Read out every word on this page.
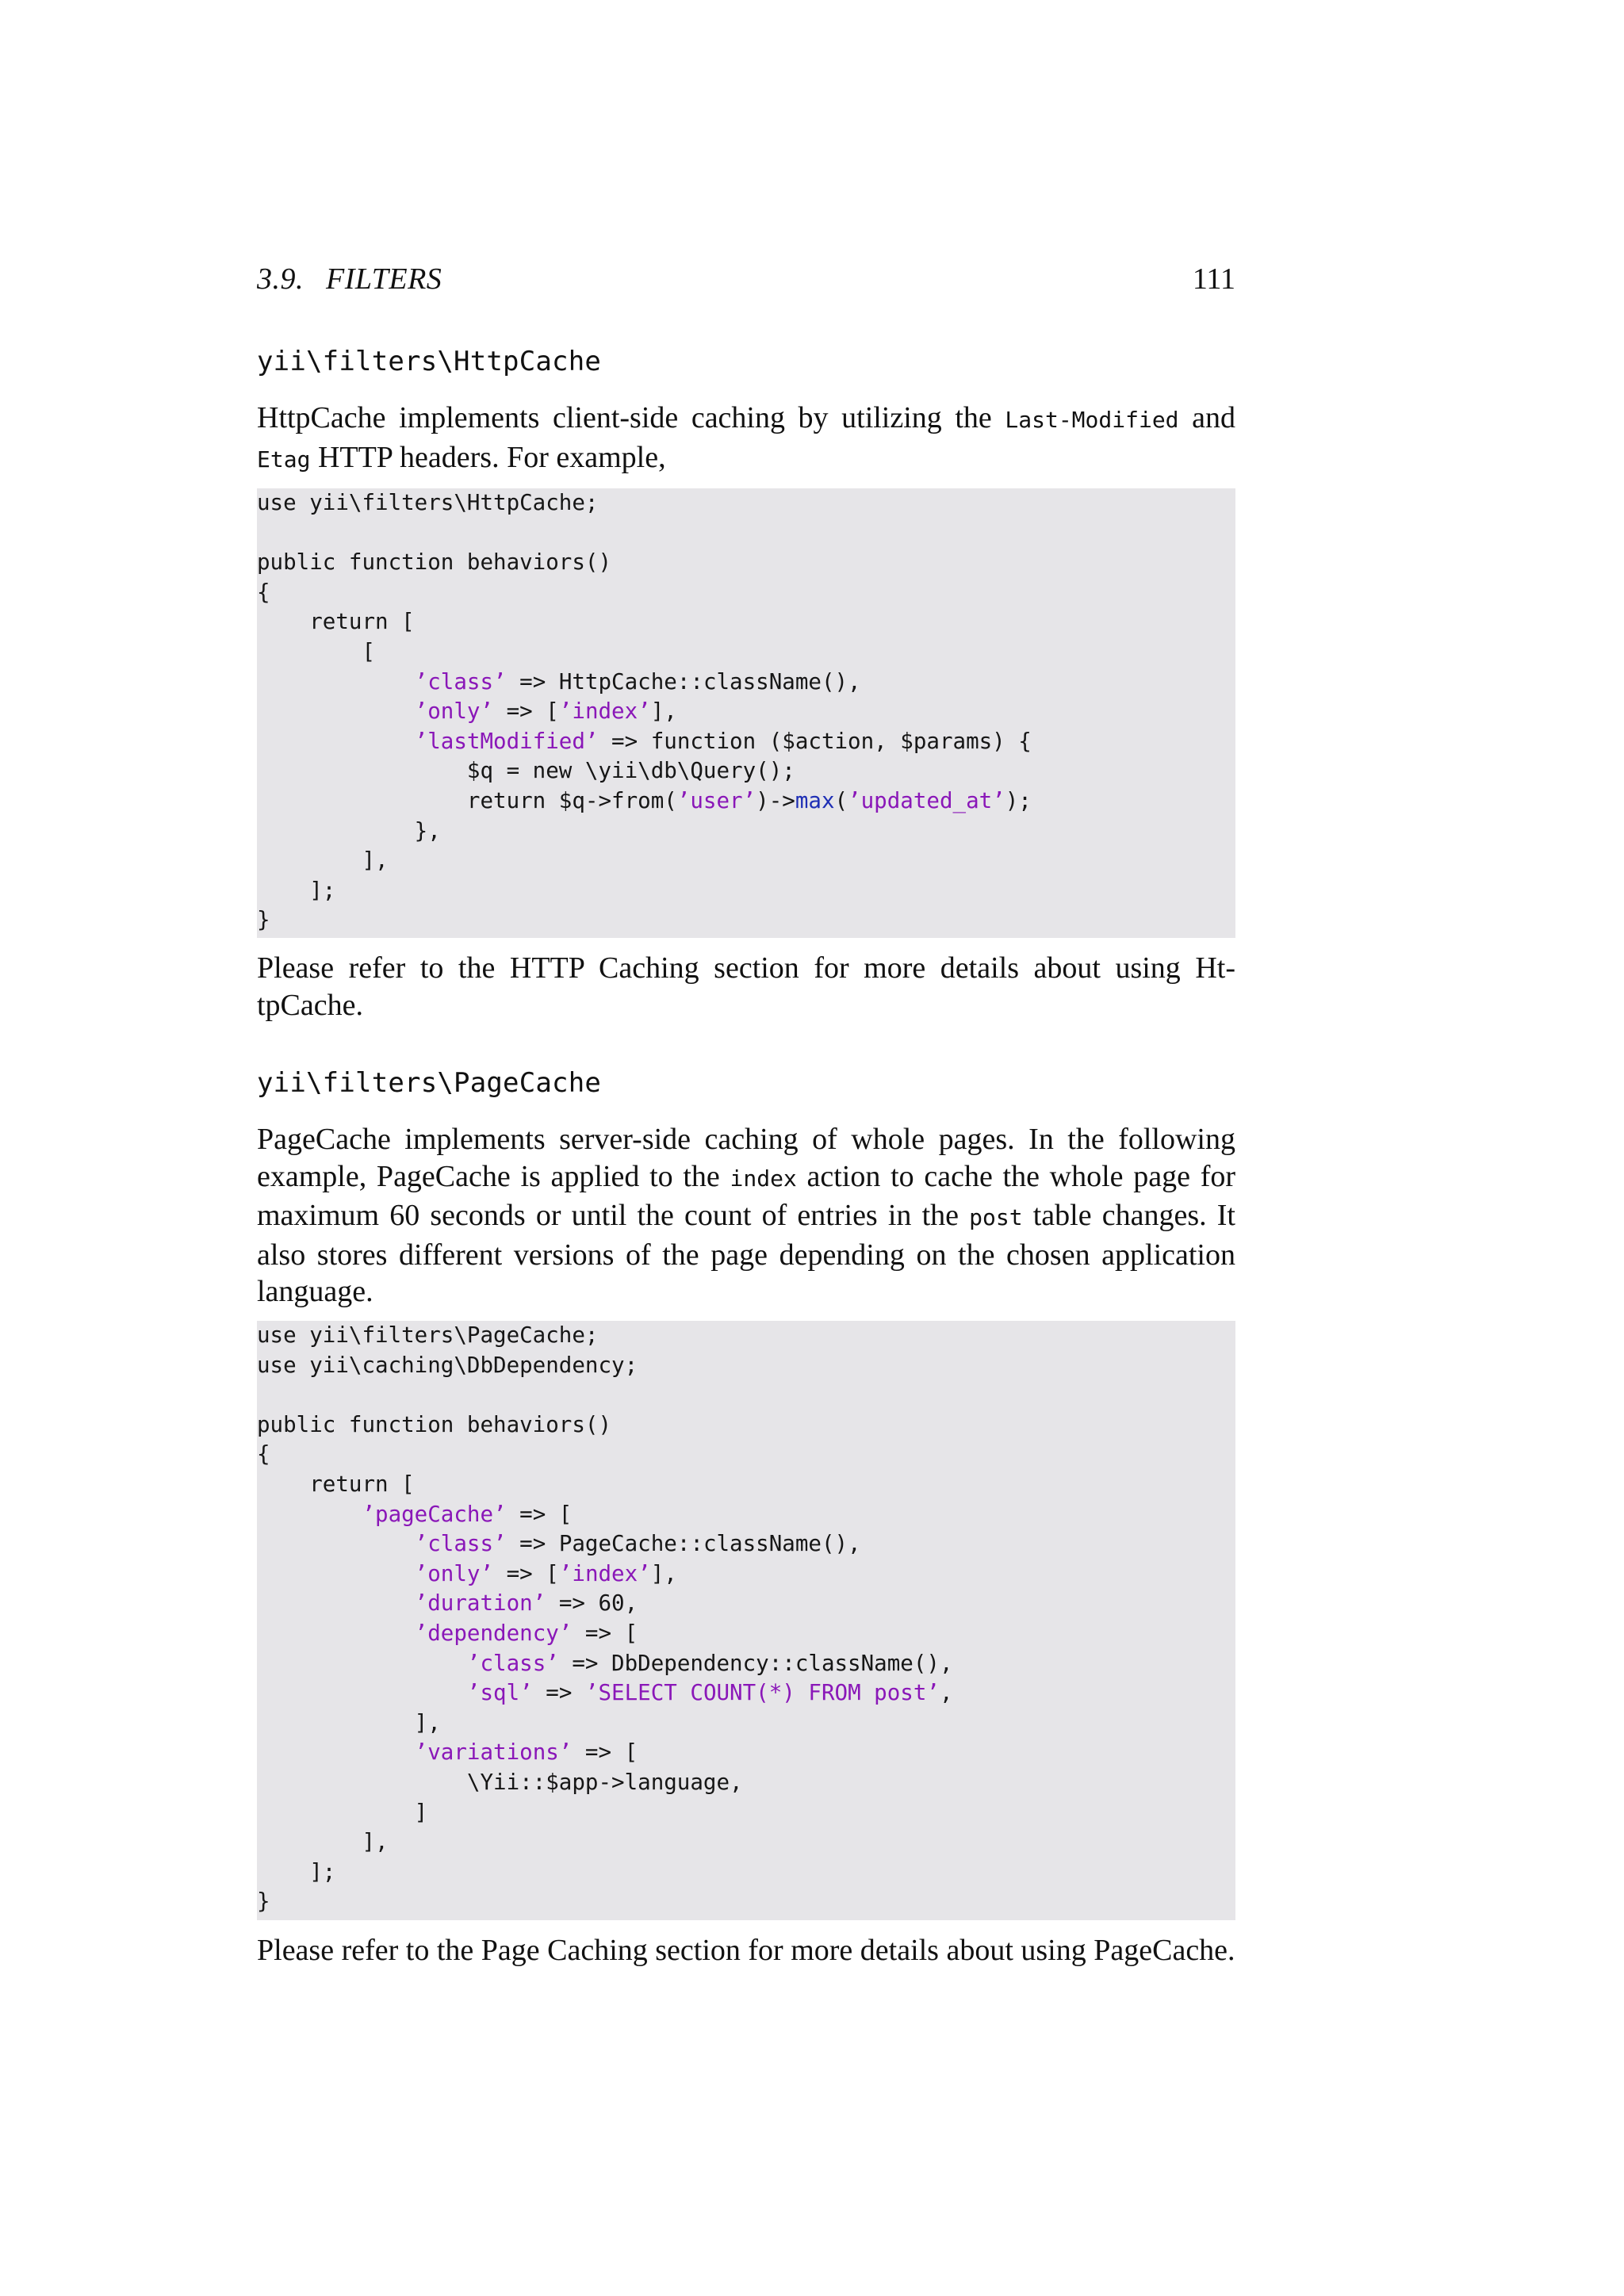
3.9. FILTERS	111
yii\filters\HttpCache
HttpCache implements client-side caching by utilizing the Last-Modified and
Etag HTTP headers. For example,
use yii\filters\HttpCache;
public function behaviors()
{
return [
[
’class’ => HttpCache::className(),
’only’ => [’index’],
’lastModified’ => function ($action, $params) {
$q = new \yii\db\Query();
return $q->from(’user’)->max(’updated_at’);
},
],
];
}
Please refer to the HTTP Caching section for more details about using Ht-
tpCache.
yii\filters\PageCache
PageCache implements server-side caching of whole pages. In the following
example, PageCache is applied to the index action to cache the whole page for
maximum 60 seconds or until the count of entries in the post table changes. It
also stores different versions of the page depending on the chosen application
language.
use yii\filters\PageCache;
use yii\caching\DbDependency;
public function behaviors()
{
return [
’pageCache’ => [
’class’ => PageCache::className(),
’only’ => [’index’],
’duration’ => 60,
’dependency’ => [
’class’ => DbDependency::className(),
’sql’ => ’SELECT COUNT(*) FROM post’,
],
’variations’ => [
\Yii::$app->language,
]
],
];
}
Please refer to the Page Caching section for more details about using PageCache.
